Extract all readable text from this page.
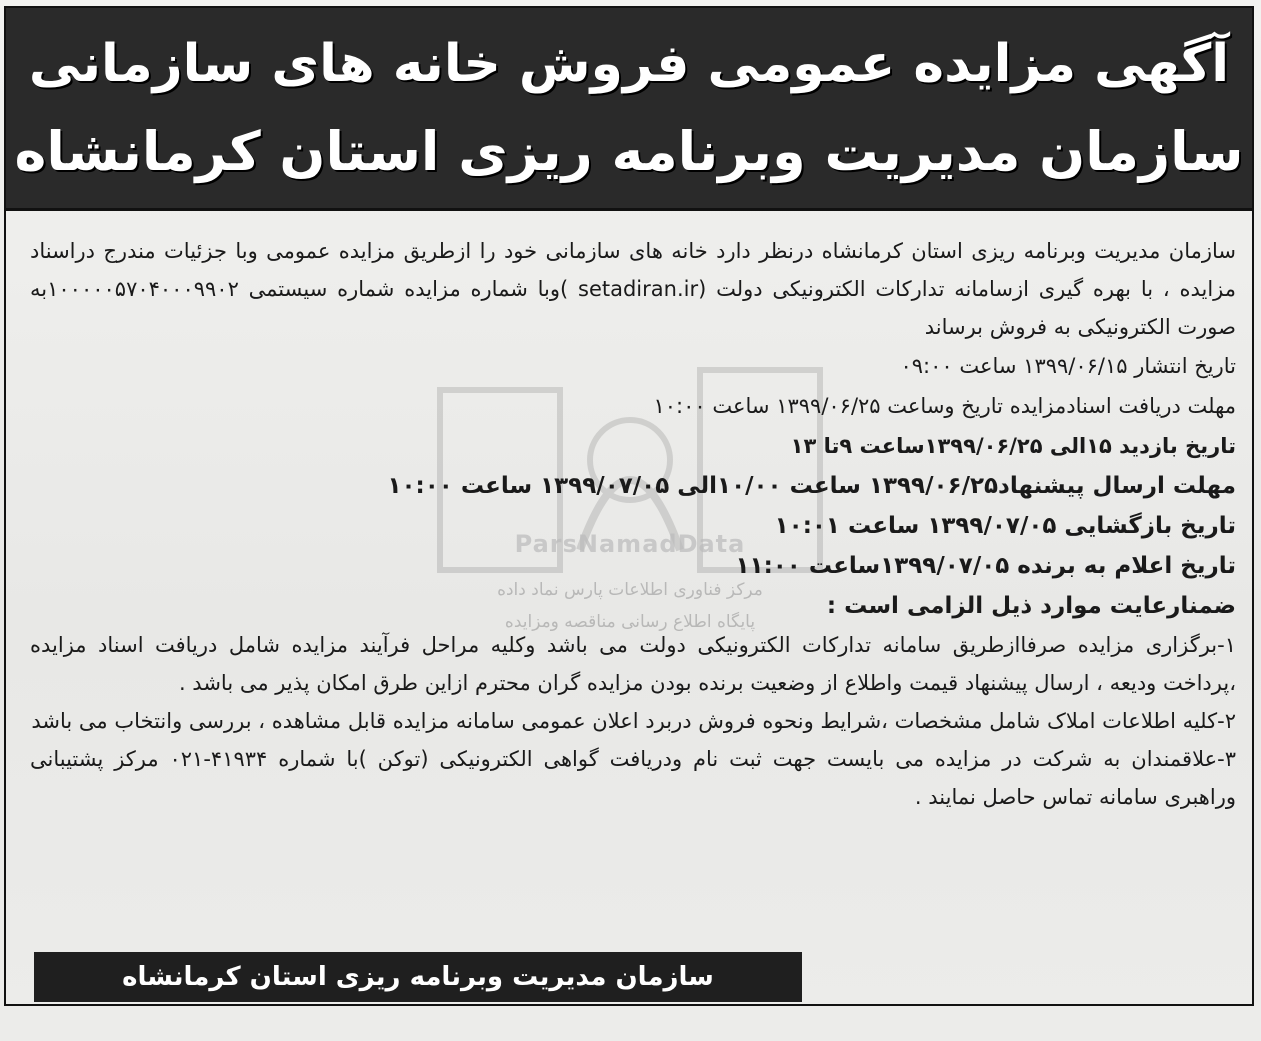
آگهی مزایده عمومی فروش خانه های سازمانی
سازمان مدیریت وبرنامه ریزی استان کرمانشاه
ParsNamadData
مرکز فناوری اطلاعات پارس نماد داده
پایگاه اطلاع رسانی مناقصه ومزایده

سازمان مدیریت وبرنامه ریزی استان کرمانشاه درنظر دارد خانه های سازمانی خود را ازطریق مزایده عمومی وبا جزئیات مندرج دراسناد مزایده ، با بهره گیری ازسامانه تدارکات الکترونیکی دولت (setadiran.ir )وبا شماره مزایده شماره سیستمی ۱۰۰۰۰۰۵۷۰۴۰۰۰۹۹۰۲به صورت الکترونیکی به فروش برساند

تاریخ انتشار ۱۳۹۹/۰۶/۱۵ ساعت ۰۹:۰۰

مهلت دریافت اسنادمزایده تاریخ وساعت ۱۳۹۹/۰۶/۲۵ ساعت ۱۰:۰۰

تاریخ بازدید ۱۵الی ۱۳۹۹/۰۶/۲۵ساعت ۹تا ۱۳

مهلت ارسال پیشنهاد۱۳۹۹/۰۶/۲۵ ساعت ۱۰/۰۰الی ۱۳۹۹/۰۷/۰۵ ساعت ۱۰:۰۰

تاریخ بازگشایی ۱۳۹۹/۰۷/۰۵ ساعت ۱۰:۰۱

تاریخ اعلام به برنده ۱۳۹۹/۰۷/۰۵ساعت ۱۱:۰۰

ضمنارعایت موارد ذیل الزامی است :

۱-برگزاری مزایده صرفاازطریق سامانه تدارکات الکترونیکی دولت می باشد وکلیه مراحل فرآیند مزایده شامل دریافت اسناد مزایده ،پرداخت ودیعه ، ارسال پیشنهاد قیمت واطلاع از وضعیت برنده بودن مزایده گران محترم ازاین طرق امکان پذیر می باشد .

۲-کلیه اطلاعات املاک شامل مشخصات ،شرایط ونحوه فروش دربرد اعلان عمومی سامانه مزایده قابل مشاهده ، بررسی وانتخاب می باشد

۳-علاقمندان به شرکت در مزایده می بایست جهت ثبت نام ودریافت گواهی الکترونیکی (توکن )با شماره ۴۱۹۳۴-۰۲۱ مرکز پشتیبانی وراهبری سامانه تماس حاصل نمایند .

سازمان مدیریت وبرنامه ریزی استان کرمانشاه
